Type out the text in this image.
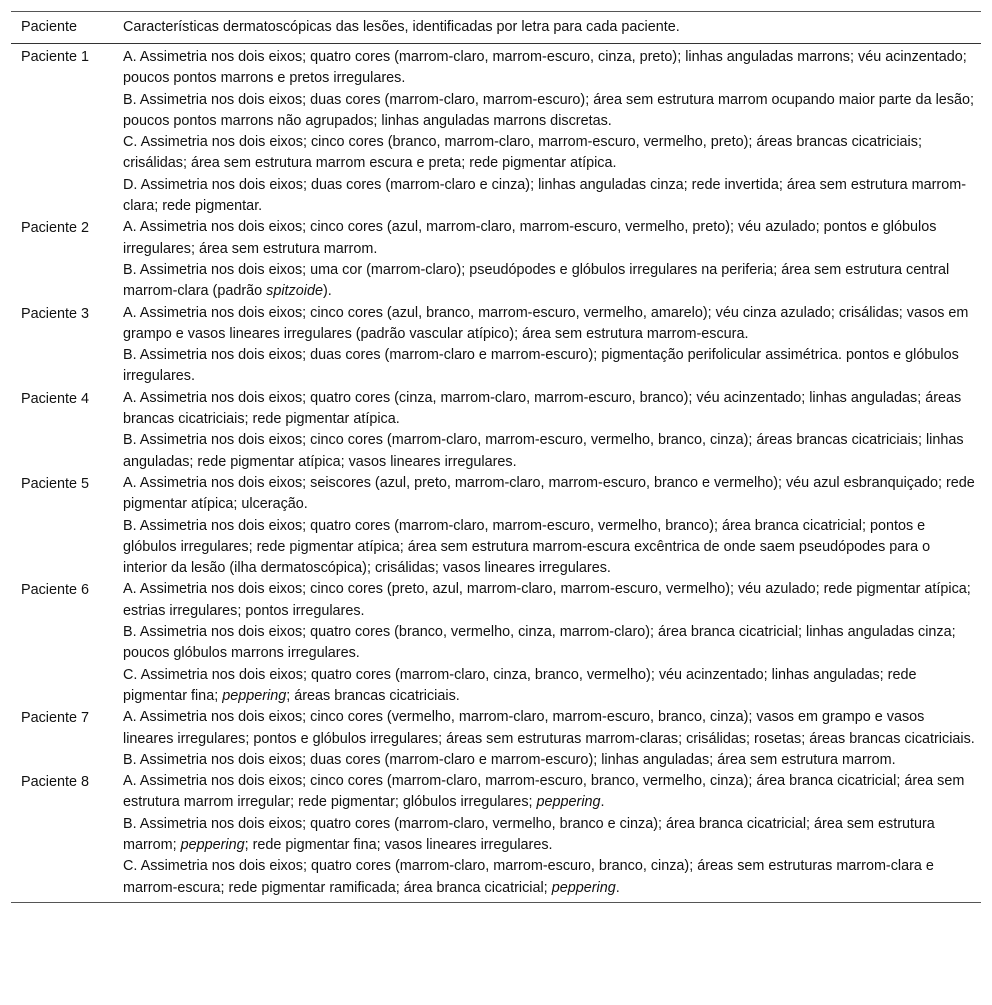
Paciente	Características dermatoscópicas das lesões, identificadas por letra para cada paciente.
Paciente 1	A. Assimetria nos dois eixos; quatro cores (marrom-claro, marrom-escuro, cinza, preto); linhas anguladas marrons; véu acinzentado; poucos pontos marrons e pretos irregulares.

B. Assimetria nos dois eixos; duas cores (marrom-claro, marrom-escuro); área sem estrutura marrom ocupando maior parte da lesão; poucos pontos marrons não agrupados; linhas anguladas marrons discretas.

C. Assimetria nos dois eixos; cinco cores (branco, marrom-claro, marrom-escuro, vermelho, preto); áreas brancas cicatriciais; crisálidas; área sem estrutura marrom escura e preta; rede pigmentar atípica.

D. Assimetria nos dois eixos; duas cores (marrom-claro e cinza); linhas anguladas cinza; rede invertida; área sem estrutura marrom-clara; rede pigmentar.

Paciente 2	A. Assimetria nos dois eixos; cinco cores (azul, marrom-claro, marrom-escuro, vermelho, preto); véu azulado; pontos e glóbulos irregulares; área sem estrutura marrom.

B. Assimetria nos dois eixos; uma cor (marrom-claro); pseudópodes e glóbulos irregulares na periferia; área sem estrutura central marrom-clara (padrão spitzoide).

Paciente 3	A. Assimetria nos dois eixos; cinco cores (azul, branco, marrom-escuro, vermelho, amarelo); véu cinza azulado; crisálidas; vasos em grampo e vasos lineares irregulares (padrão vascular atípico); área sem estrutura marrom-escura.

B. Assimetria nos dois eixos; duas cores (marrom-claro e marrom-escuro); pigmentação perifolicular assimétrica. pontos e glóbulos irregulares.

Paciente 4	A. Assimetria nos dois eixos; quatro cores (cinza, marrom-claro, marrom-escuro, branco); véu acinzentado; linhas anguladas; áreas brancas cicatriciais; rede pigmentar atípica.

B. Assimetria nos dois eixos; cinco cores (marrom-claro, marrom-escuro, vermelho, branco, cinza); áreas brancas cicatriciais; linhas anguladas; rede pigmentar atípica; vasos lineares irregulares.

Paciente 5	A. Assimetria nos dois eixos; seiscores (azul, preto, marrom-claro, marrom-escuro, branco e vermelho); véu azul esbranquiçado; rede pigmentar atípica; ulceração.

B. Assimetria nos dois eixos; quatro cores (marrom-claro, marrom-escuro, vermelho, branco); área branca cicatricial; pontos e glóbulos irregulares; rede pigmentar atípica; área sem estrutura marrom-escura excêntrica de onde saem pseudópodes para o interior da lesão (ilha dermatoscópica); crisálidas; vasos lineares irregulares.

Paciente 6	A. Assimetria nos dois eixos; cinco cores (preto, azul, marrom-claro, marrom-escuro, vermelho); véu azulado; rede pigmentar atípica; estrias irregulares; pontos irregulares.

B. Assimetria nos dois eixos; quatro cores (branco, vermelho, cinza, marrom-claro); área branca cicatricial; linhas anguladas cinza; poucos glóbulos marrons irregulares.

C. Assimetria nos dois eixos; quatro cores (marrom-claro, cinza, branco, vermelho); véu acinzentado; linhas anguladas; rede pigmentar fina; peppering; áreas brancas cicatriciais.

Paciente 7	A. Assimetria nos dois eixos; cinco cores (vermelho, marrom-claro, marrom-escuro, branco, cinza); vasos em grampo e vasos lineares irregulares; pontos e glóbulos irregulares; áreas sem estruturas marrom-claras; crisálidas; rosetas; áreas brancas cicatriciais.

B. Assimetria nos dois eixos; duas cores (marrom-claro e marrom-escuro); linhas anguladas; área sem estrutura marrom.

Paciente 8	A. Assimetria nos dois eixos; cinco cores (marrom-claro, marrom-escuro, branco, vermelho, cinza); área branca cicatricial; área sem estrutura marrom irregular; rede pigmentar; glóbulos irregulares; peppering.

B. Assimetria nos dois eixos; quatro cores (marrom-claro, vermelho, branco e cinza); área branca cicatricial; área sem estrutura marrom; peppering; rede pigmentar fina; vasos lineares irregulares.

C. Assimetria nos dois eixos; quatro cores (marrom-claro, marrom-escuro, branco, cinza); áreas sem estruturas marrom-clara e marrom-escura; rede pigmentar ramificada; área branca cicatricial; peppering.
